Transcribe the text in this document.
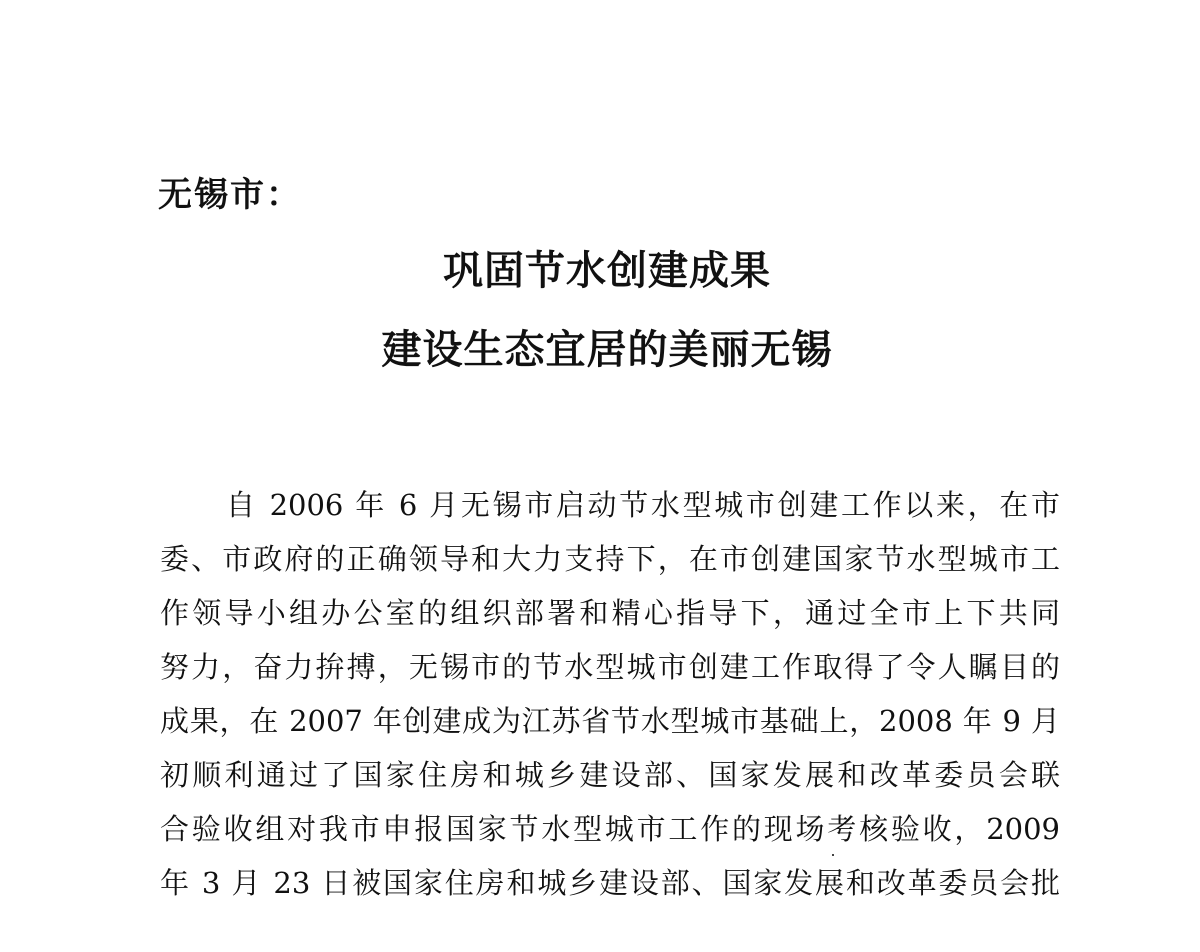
无锡市：
巩固节水创建成果
建设生态宜居的美丽无锡
自 2006 年 6 月无锡市启动节水型城市创建工作以来，在市
委、市政府的正确领导和大力支持下，在市创建国家节水型城市工
作领导小组办公室的组织部署和精心指导下，通过全市上下共同
努力，奋力拚搏，无锡市的节水型城市创建工作取得了令人瞩目的
成果，在 2007 年创建成为江苏省节水型城市基础上，2008 年 9 月
初顺利通过了国家住房和城乡建设部、国家发展和改革委员会联
合验收组对我市申报国家节水型城市工作的现场考核验收，2009
年 3 月 23 日被国家住房和城乡建设部、国家发展和改革委员会批
